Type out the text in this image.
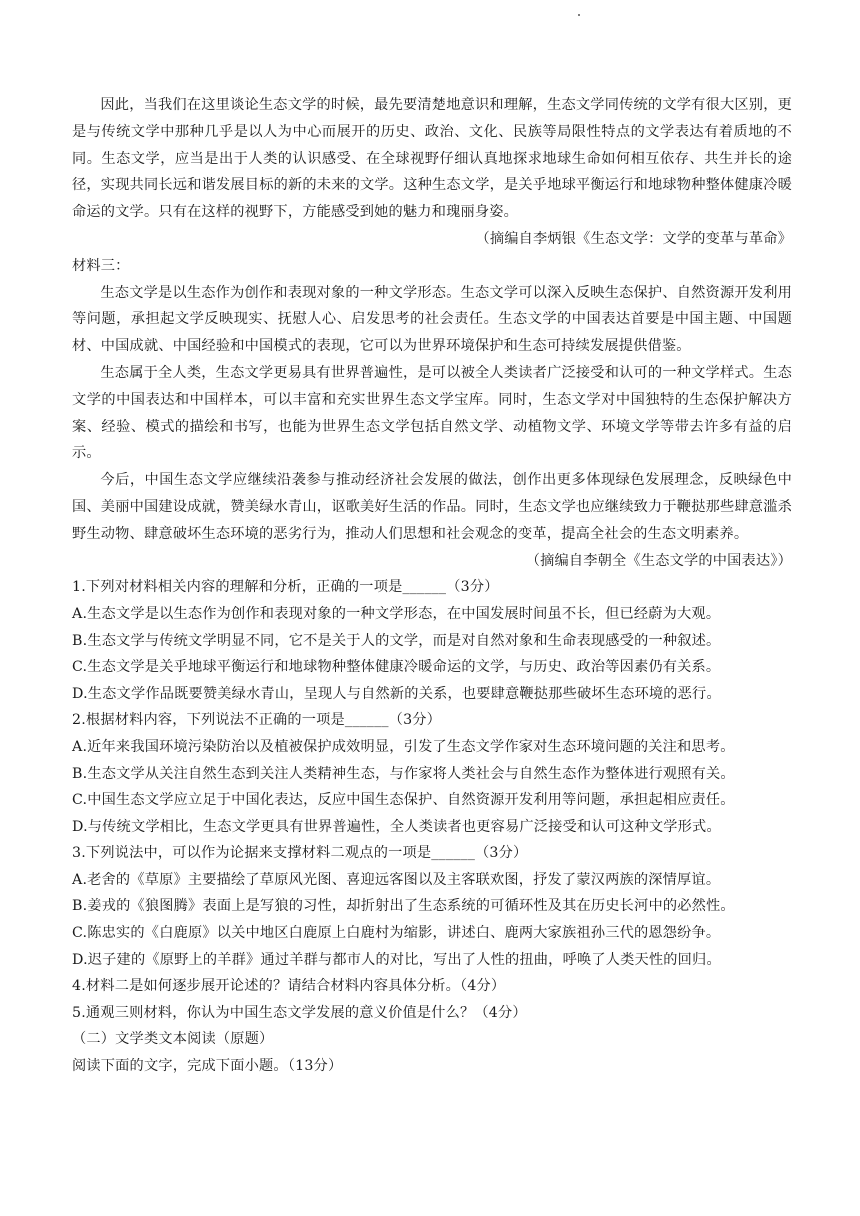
因此，当我们在这里谈论生态文学的时候，最先要清楚地意识和理解，生态文学同传统的文学有很大区别，更是与传统文学中那种几乎是以人为中心而展开的历史、政治、文化、民族等局限性特点的文学表达有着质地的不同。生态文学，应当是出于人类的认识感受、在全球视野仔细认真地探求地球生命如何相互依存、共生并长的途径，实现共同长远和谐发展目标的新的未来的文学。这种生态文学，是关乎地球平衡运行和地球物种整体健康冷暖命运的文学。只有在这样的视野下，方能感受到她的魅力和瑰丽身姿。

（摘编自李炳银《生态文学：文学的变革与革命》

材料三：

生态文学是以生态作为创作和表现对象的一种文学形态。生态文学可以深入反映生态保护、自然资源开发利用等问题，承担起文学反映现实、抚慰人心、启发思考的社会责任。生态文学的中国表达首要是中国主题、中国题材、中国成就、中国经验和中国模式的表现，它可以为世界环境保护和生态可持续发展提供借鉴。

生态属于全人类，生态文学更易具有世界普遍性，是可以被全人类读者广泛接受和认可的一种文学样式。生态文学的中国表达和中国样本，可以丰富和充实世界生态文学宝库。同时，生态文学对中国独特的生态保护解决方案、经验、模式的描绘和书写，也能为世界生态文学包括自然文学、动植物文学、环境文学等带去许多有益的启示。

今后，中国生态文学应继续沿袭参与推动经济社会发展的做法，创作出更多体现绿色发展理念，反映绿色中国、美丽中国建设成就，赞美绿水青山，讴歌美好生活的作品。同时，生态文学也应继续致力于鞭挞那些肆意滥杀野生动物、肆意破坏生态环境的恶劣行为，推动人们思想和社会观念的变革，提高全社会的生态文明素养。

（摘编自李朝全《生态文学的中国表达》）

1.下列对材料相关内容的理解和分析，正确的一项是______（3分）

A.生态文学是以生态作为创作和表现对象的一种文学形态，在中国发展时间虽不长，但已经蔚为大观。

B.生态文学与传统文学明显不同，它不是关于人的文学，而是对自然对象和生命表现感受的一种叙述。

C.生态文学是关乎地球平衡运行和地球物种整体健康冷暖命运的文学，与历史、政治等因素仍有关系。

D.生态文学作品既要赞美绿水青山，呈现人与自然新的关系，也要肆意鞭挞那些破坏生态环境的恶行。

2.根据材料内容，下列说法不正确的一项是______（3分）

A.近年来我国环境污染防治以及植被保护成效明显，引发了生态文学作家对生态环境问题的关注和思考。

B.生态文学从关注自然生态到关注人类精神生态，与作家将人类社会与自然生态作为整体进行观照有关。

C.中国生态文学应立足于中国化表达，反应中国生态保护、自然资源开发利用等问题，承担起相应责任。

D.与传统文学相比，生态文学更具有世界普遍性，全人类读者也更容易广泛接受和认可这种文学形式。

3.下列说法中，可以作为论据来支撑材料二观点的一项是______（3分）

A.老舍的《草原》主要描绘了草原风光图、喜迎远客图以及主客联欢图，抒发了蒙汉两族的深情厚谊。

B.姜戎的《狼图腾》表面上是写狼的习性，却折射出了生态系统的可循环性及其在历史长河中的必然性。

C.陈忠实的《白鹿原》以关中地区白鹿原上白鹿村为缩影，讲述白、鹿两大家族祖孙三代的恩怨纷争。

D.迟子建的《原野上的羊群》通过羊群与都市人的对比，写出了人性的扭曲，呼唤了人类天性的回归。

4.材料二是如何逐步展开论述的？请结合材料内容具体分析。（4分）

5.通观三则材料，你认为中国生态文学发展的意义价值是什么？（4分）

（二）文学类文本阅读（原题）

阅读下面的文字，完成下面小题。（13分）
